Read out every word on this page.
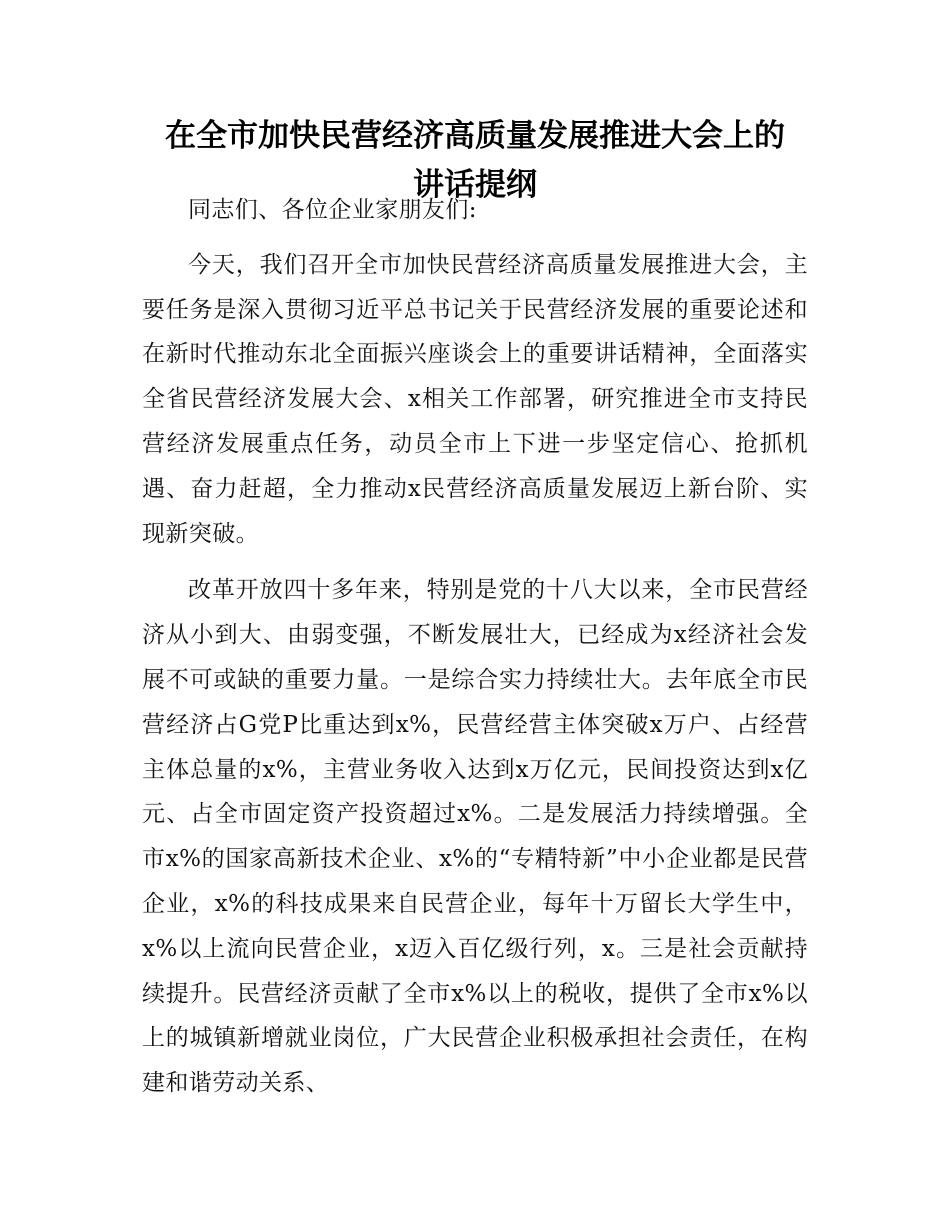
在全市加快民营经济高质量发展推进大会上的
讲话提纲

同志们、各位企业家朋友们:

今天，我们召开全市加快民营经济高质量发展推进大会，主要任务是深入贯彻习近平总书记关于民营经济发展的重要论述和在新时代推动东北全面振兴座谈会上的重要讲话精神，全面落实全省民营经济发展大会、x相关工作部署，研究推进全市支持民营经济发展重点任务，动员全市上下进一步坚定信心、抢抓机遇、奋力赶超，全力推动x民营经济高质量发展迈上新台阶、实现新突破。

改革开放四十多年来，特别是党的十八大以来，全市民营经济从小到大、由弱变强，不断发展壮大，已经成为x经济社会发展不可或缺的重要力量。一是综合实力持续壮大。去年底全市民营经济占G党P比重达到x%，民营经营主体突破x万户、占经营主体总量的x%，主营业务收入达到x万亿元，民间投资达到x亿元、占全市固定资产投资超过x%。二是发展活力持续增强。全市x%的国家高新技术企业、x%的“专精特新”中小企业都是民营企业，x%的科技成果来自民营企业，每年十万留长大学生中，x%以上流向民营企业，x迈入百亿级行列，x。三是社会贡献持续提升。民营经济贡献了全市x%以上的税收，提供了全市x%以上的城镇新增就业岗位，广大民营企业积极承担社会责任，在构建和谐劳动关系、
